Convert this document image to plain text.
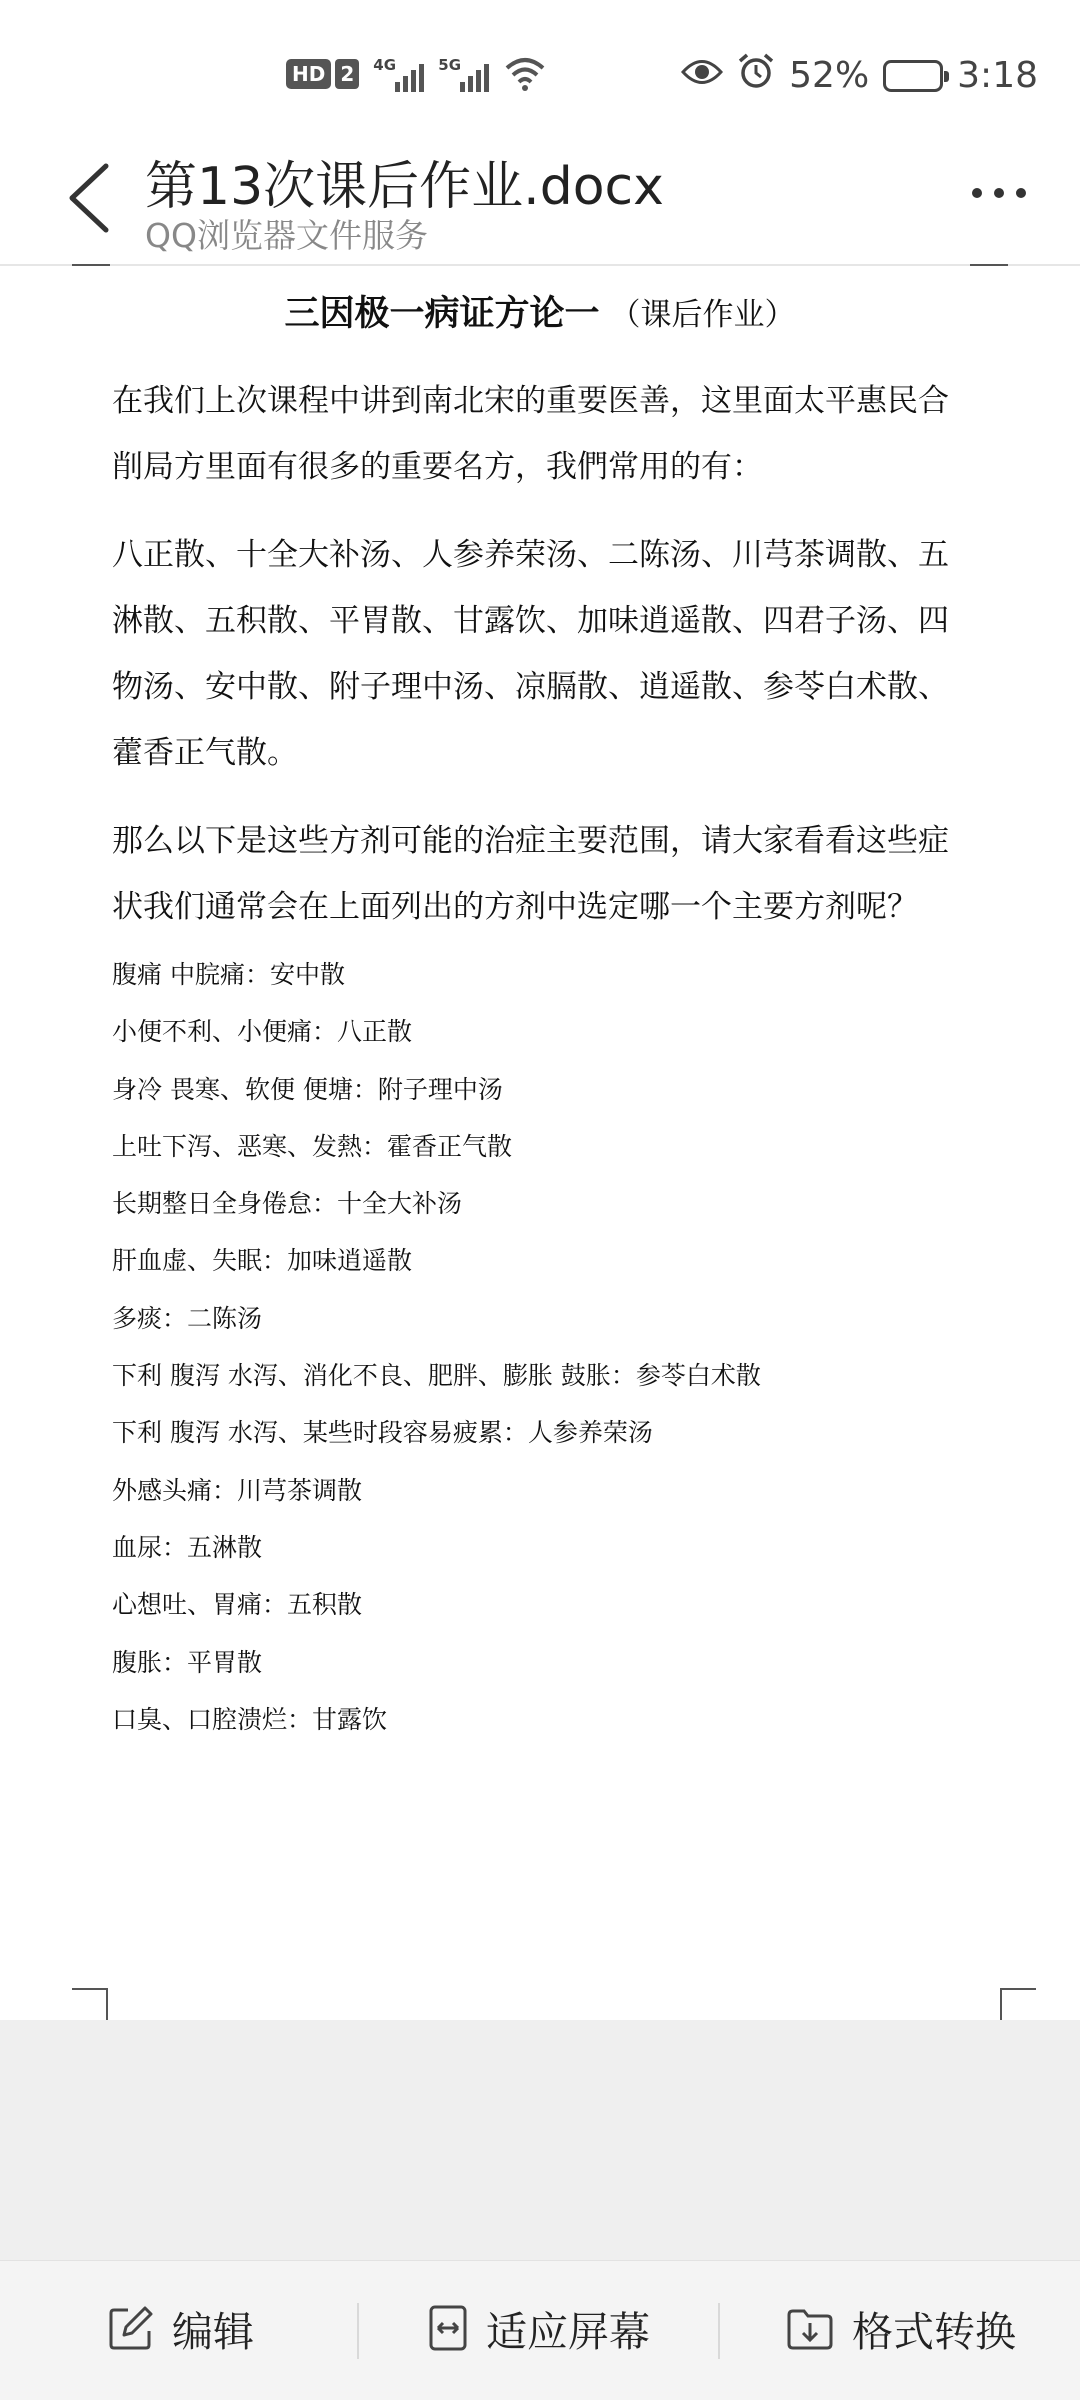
HD 2	4G	5G	52% 3:18
第13次课后作业.docx
QQ浏览器文件服务
三因极一病证方论一 （课后作业）

在我们上次课程中讲到南北宋的重要医善，这里面太平惠民合削局方里面有很多的重要名方，我們常用的有：

八正散、十全大补汤、人参养荣汤、二陈汤、川芎茶调散、五淋散、五积散、平胃散、甘露饮、加味逍遥散、四君子汤、四物汤、安中散、附子理中汤、凉膈散、逍遥散、参苓白术散、藿香正气散。

那么以下是这些方剂可能的治症主要范围，请大家看看这些症状我们通常会在上面列出的方剂中选定哪一个主要方剂呢？

腹痛 中脘痛：安中散
小便不利、小便痛：八正散
身冷 畏寒、软便 便塘：附子理中汤
上吐下泻、恶寒、发熱：霍香正气散
长期整日全身倦怠：十全大补汤
肝血虚、失眠：加味逍遥散
多痰：二陈汤
下利 腹泻 水泻、消化不良、肥胖、膨胀 鼓胀：参苓白术散
下利 腹泻 水泻、某些时段容易疲累：人参养荣汤
外感头痛：川芎茶调散
血尿：五淋散
心想吐、胃痛：五积散
腹胀：平胃散
口臭、口腔溃烂：甘露饮
编辑	适应屏幕	格式转换
